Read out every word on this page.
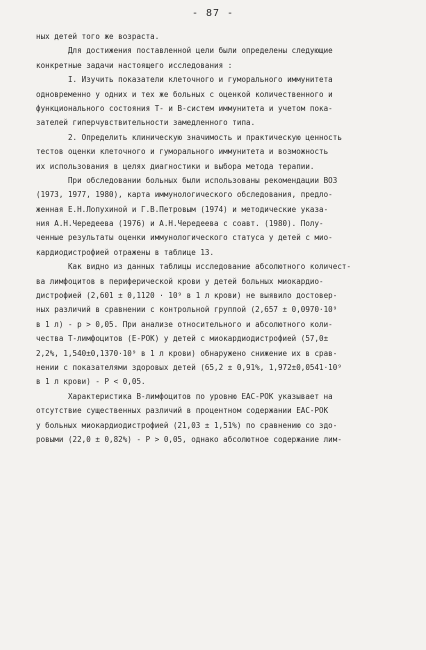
- 87 -
ных детей того же возраста.
Для достижения поставленной цели были определены следующие
конкретные задачи настоящего исследования :
I. Изучить показатели клеточного и гуморального иммунитета
одновременно у одних и тех же больных с оценкой количественного и
функционального состояния Т- и В-систем иммунитета и учетом пока-
зателей гиперчувствительности замедленного типа.
2. Определить клиническую значимость и практическую ценность
тестов оценки клеточного и гуморального иммунитета и возможность
их использования в целях диагностики и выбора метода терапии.
При обследовании больных были использованы рекомендации ВОЗ
(1973, 1977, 1980), карта иммунологического обследования, предло-
женная Е.Н.Лопухиной и Г.В.Петровым (1974) и методические указа-
ния А.Н.Чередеева (1976) и А.Н.Чередеева с соавт. (1980). Полу-
ченные результаты оценки иммунологического статуса у детей с мио-
кардиодистрофией отражены в таблице 13.
Как видно из данных таблицы исследование абсолютного количест-
ва лимфоцитов в периферической крови у детей больных миокардио-
дистрофией (2,601 ± 0,1120 · 10⁹ в 1 л крови) не выявило достовер-
ных различий в сравнении с контрольной группой (2,657 ± 0,0970·10⁹
в 1 л) - p > 0,05. При анализе относительного и абсолютного коли-
чества Т-лимфоцитов (Е-РОК) у детей с миокардиодистрофией (57,0±
2,2%, 1,540±0,1370·10⁹ в 1 л крови) обнаружено снижение их в срав-
нении с показателями здоровых детей (65,2 ± 0,91%, 1,972±0,0541·10⁹
в 1 л крови) - Р < 0,05.
Характеристика В-лимфоцитов по уровню ЕАС-РОК указывает на
отсутствие существенных различий в процентном содержании ЕАС-РОК
у больных миокардиодистрофией (21,03 ± 1,51%) по сравнению со здо-
ровыми (22,0 ± 0,82%) - P > 0,05, однако абсолютное содержание лим-
